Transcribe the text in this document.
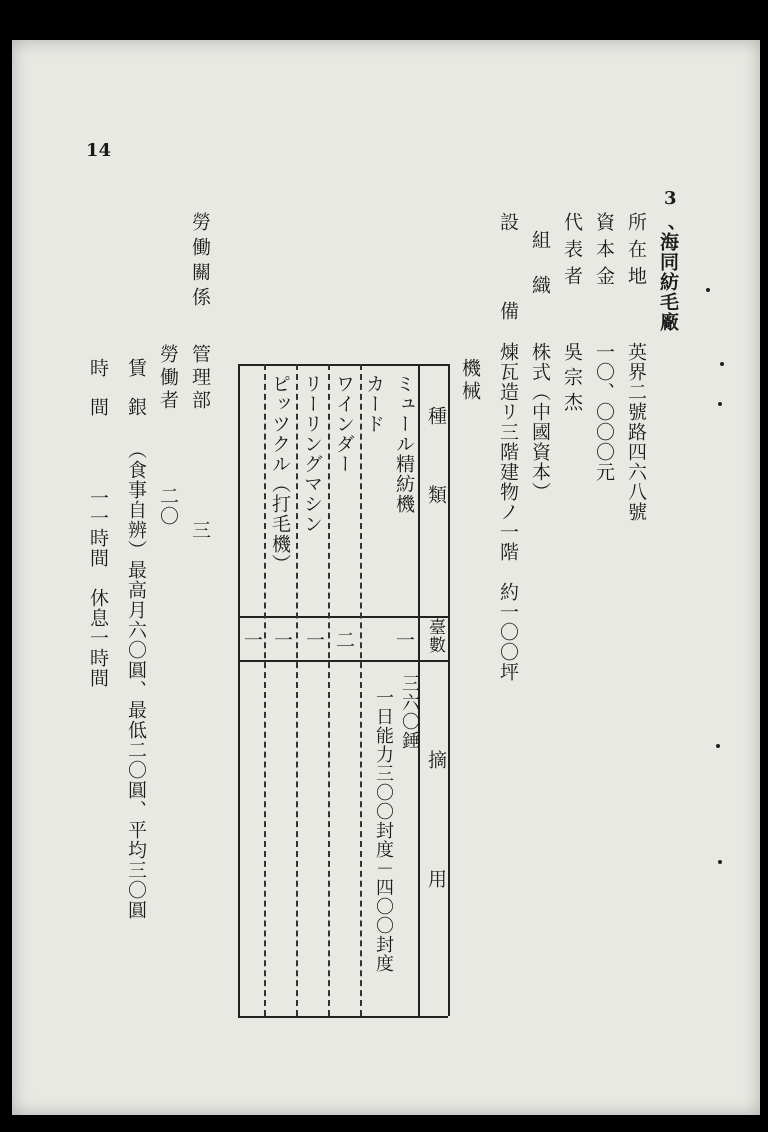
14
3
海同紡毛廠
、
所在地
英界二號路四六八號
資本金
一〇、〇〇〇元
代表者
吳宗杰
組織
株式（中國資本）
設備
煉瓦造リ三階建物ノ一階　約一〇〇坪
機械
種類
臺數
摘用
ミュール精紡機
一
三六〇錘
一日能力三〇〇封度－四〇〇封度
カード
二
ワインダー
一
リーリングマシン
一
ピッツクル（打毛機）
一
勞働關係
管理部
三
勞働者
二〇
賃銀
（食事自辨）最高月六〇圓、最低二〇圓、平均三〇圓
時間
一一時間　休息一時間
